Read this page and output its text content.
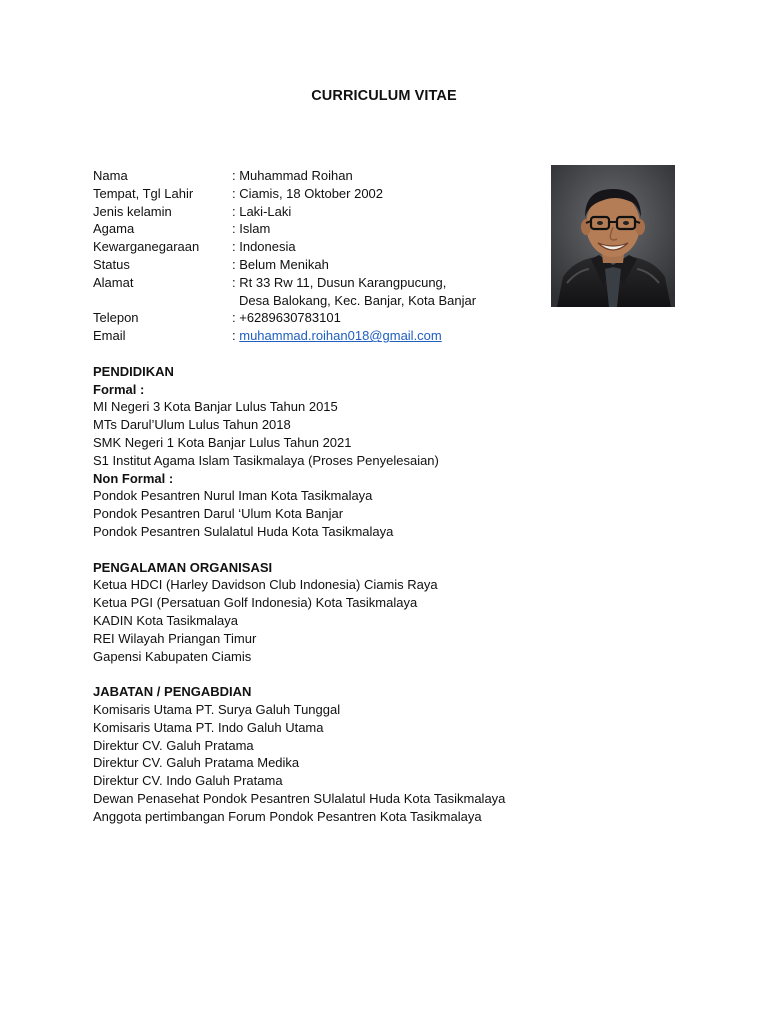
CURRICULUM VITAE
Nama	: Muhammad Roihan
Tempat, Tgl Lahir	: Ciamis, 18 Oktober 2002
Jenis kelamin	: Laki-Laki
Agama	: Islam
Kewarganegaraan	: Indonesia
Status	: Belum Menikah
Alamat	: Rt 33 Rw 11, Dusun Karangpucung,
Desa Balokang, Kec. Banjar, Kota Banjar
Telepon	: +6289630783101
Email	: muhammad.roihan018@gmail.com
PENDIDIKAN
Formal :
MI Negeri 3 Kota Banjar Lulus Tahun 2015
MTs Darul’Ulum Lulus Tahun 2018
SMK Negeri 1 Kota Banjar Lulus Tahun 2021
S1 Institut Agama Islam Tasikmalaya (Proses Penyelesaian)
Non Formal :
Pondok Pesantren Nurul Iman Kota Tasikmalaya
Pondok Pesantren Darul ‘Ulum Kota Banjar
Pondok Pesantren Sulalatul Huda Kota Tasikmalaya
PENGALAMAN ORGANISASI
Ketua HDCI (Harley Davidson Club Indonesia) Ciamis Raya
Ketua PGI (Persatuan Golf Indonesia) Kota Tasikmalaya
KADIN Kota Tasikmalaya
REI Wilayah Priangan Timur
Gapensi Kabupaten Ciamis
JABATAN / PENGABDIAN
Komisaris Utama PT. Surya Galuh Tunggal
Komisaris Utama PT. Indo Galuh Utama
Direktur CV. Galuh Pratama
Direktur CV. Galuh Pratama Medika
Direktur CV. Indo Galuh Pratama
Dewan Penasehat Pondok Pesantren SUlalatul Huda Kota Tasikmalaya
Anggota pertimbangan Forum Pondok Pesantren Kota Tasikmalaya
